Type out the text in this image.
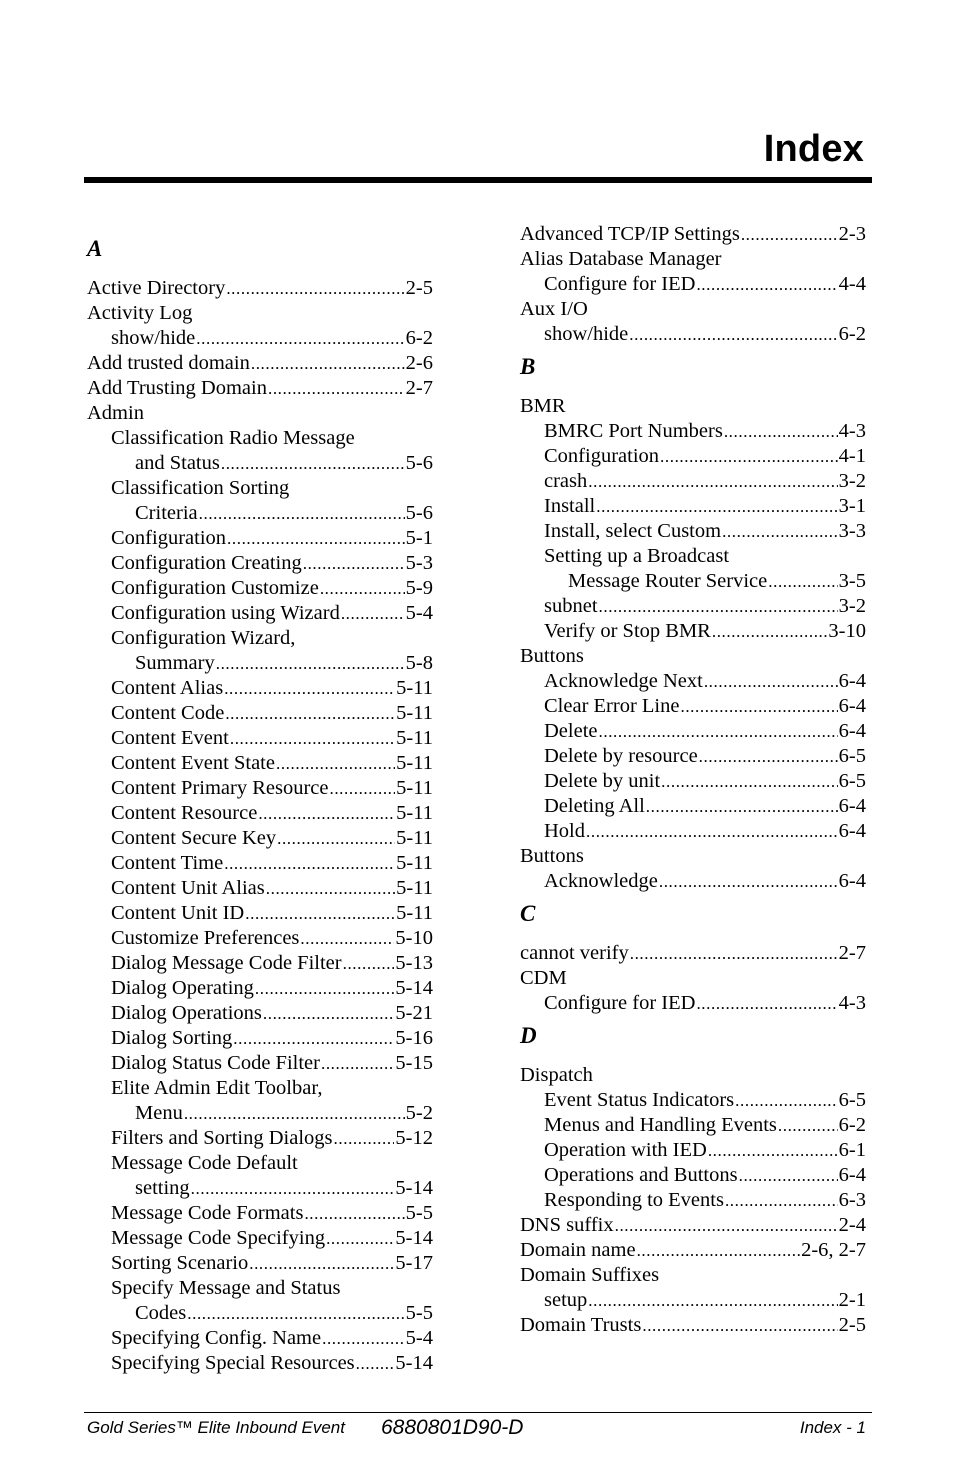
Index
A
Active Directory .....	2-5
Activity Log
show/hide .....	6-2
Add trusted domain .....	2-6
Add Trusting Domain .....	2-7
Admin
Classification Radio Message
and Status .....	5-6
Classification Sorting
Criteria .....	5-6
Configuration .....	5-1
Configuration Creating .....	5-3
Configuration Customize .....	5-9
Configuration using Wizard .....	5-4
Configuration Wizard,
Summary .....	5-8
Content Alias .....	5-11
Content Code .....	5-11
Content Event .....	5-11
Content Event State .....	5-11
Content Primary Resource .....	5-11
Content Resource .....	5-11
Content Secure Key .....	5-11
Content Time .....	5-11
Content Unit Alias .....	5-11
Content Unit ID .....	5-11
Customize Preferences .....	5-10
Dialog Message Code Filter .....	5-13
Dialog Operating .....	5-14
Dialog Operations .....	5-21
Dialog Sorting .....	5-16
Dialog Status Code Filter .....	5-15
Elite Admin Edit Toolbar,
Menu .....	5-2
Filters and Sorting Dialogs .....	5-12
Message Code Default
setting .....	5-14
Message Code Formats .....	5-5
Message Code Specifying .....	5-14
Sorting Scenario .....	5-17
Specify Message and Status
Codes .....	5-5
Specifying Config. Name .....	5-4
Specifying Special Resources ..... 5-14
Advanced TCP/IP Settings .....	2-3
Alias Database Manager
Configure for IED .....	4-4
Aux I/O
show/hide .....	6-2
B
BMR
BMRC Port Numbers .....	4-3
Configuration .....	4-1
crash .....	3-2
Install .....	3-1
Install, select Custom .....	3-3
Setting up a Broadcast
Message Router Service .....	3-5
subnet .....	3-2
Verify or Stop BMR .....	3-10
Buttons
Acknowledge Next .....	6-4
Clear Error Line .....	6-4
Delete .....	6-4
Delete by resource .....	6-5
Delete by unit .....	6-5
Deleting All .....	6-4
Hold .....	6-4
Buttons
Acknowledge .....	6-4
C
cannot verify .....	2-7
CDM
Configure for IED .....	4-3
D
Dispatch
Event Status Indicators .....	6-5
Menus and Handling Events .....	6-2
Operation with IED .....	6-1
Operations and Buttons .....	6-4
Responding to Events .....	6-3
DNS suffix .....	2-4
Domain name .....	2-6, 2-7
Domain Suffixes
setup .....	2-1
Domain Trusts .....	2-5
Gold Series™ Elite Inbound Event 6880801D90-D	Index - 1
